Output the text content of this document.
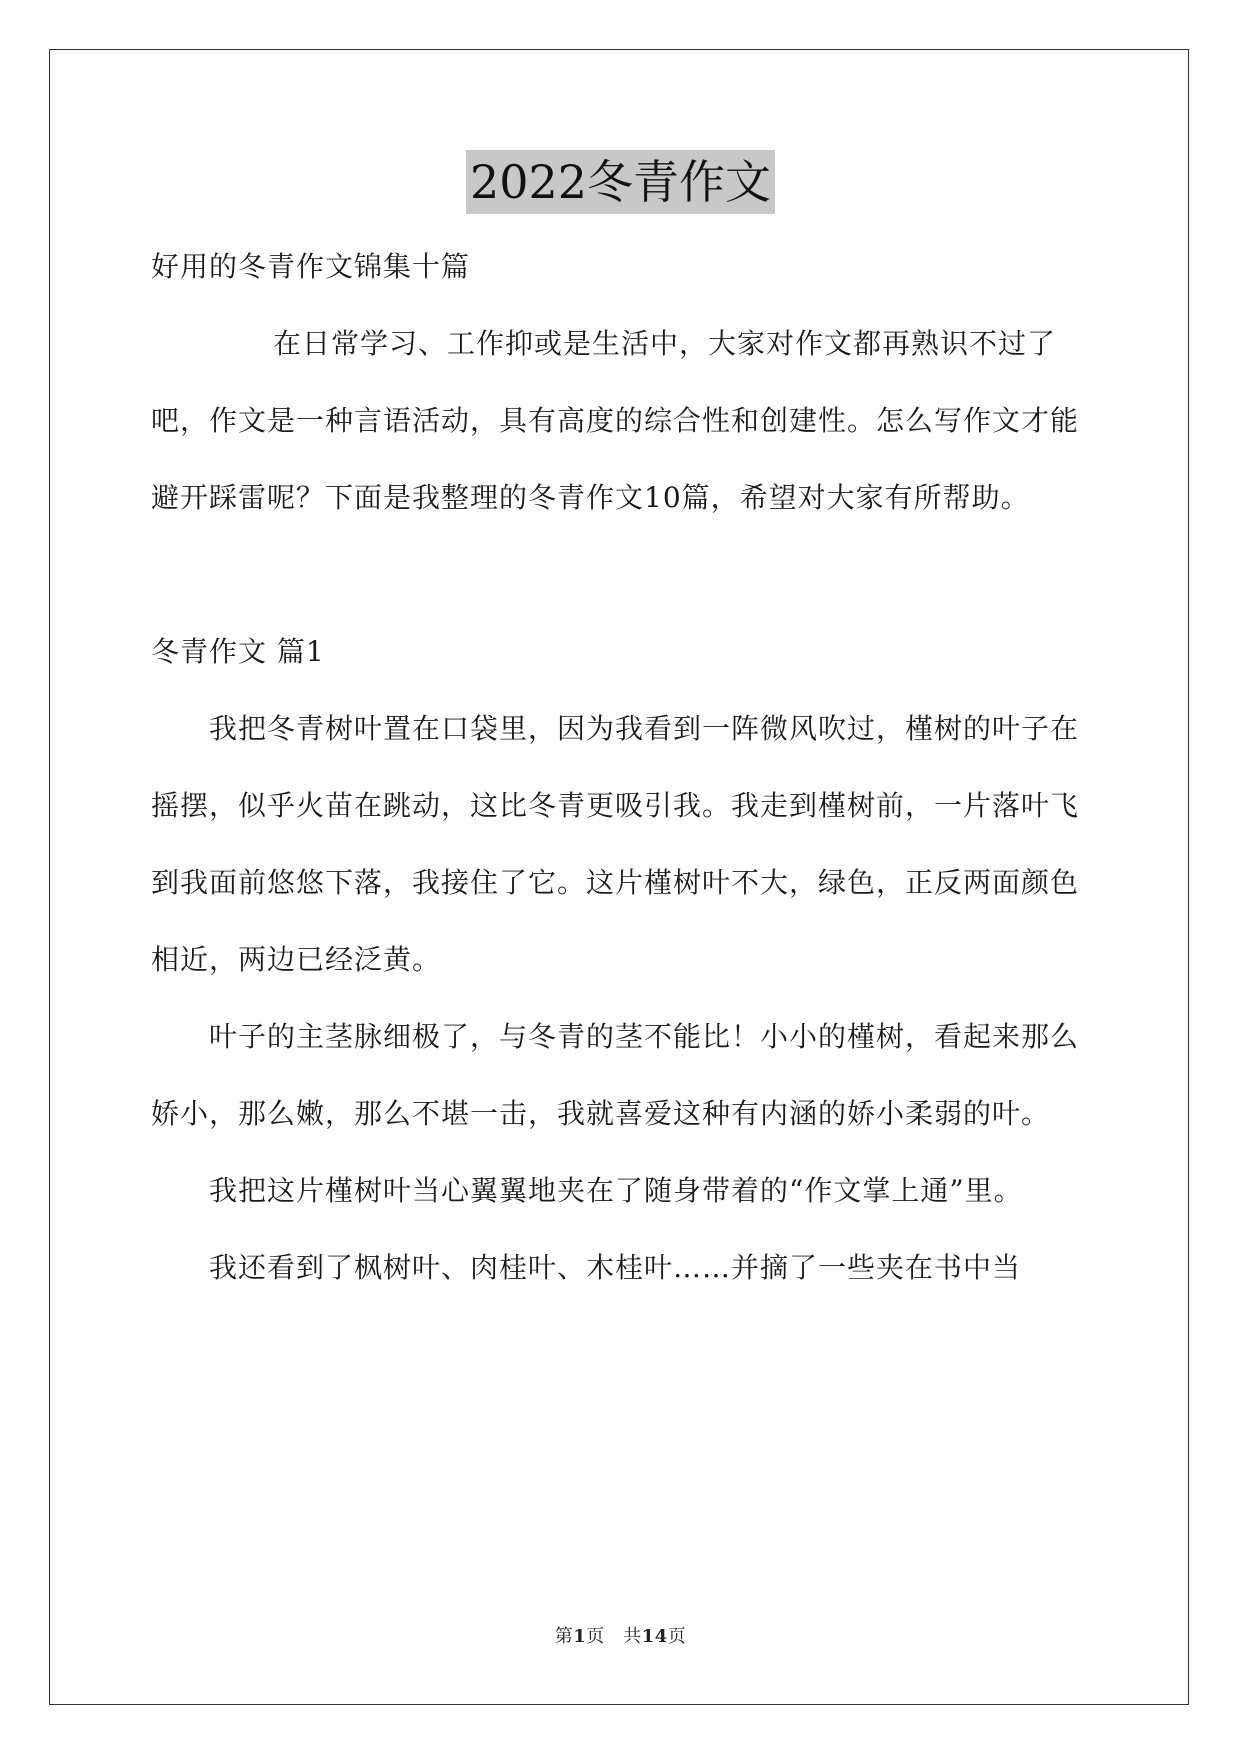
2022冬青作文

好用的冬青作文锦集十篇

在日常学习、工作抑或是生活中，大家对作文都再熟识不过了吧，作文是一种言语活动，具有高度的综合性和创建性。怎么写作文才能避开踩雷呢？下面是我整理的冬青作文10篇，希望对大家有所帮助。

冬青作文 篇1

我把冬青树叶置在口袋里，因为我看到一阵微风吹过，槿树的叶子在摇摆，似乎火苗在跳动，这比冬青更吸引我。我走到槿树前，一片落叶飞到我面前悠悠下落，我接住了它。这片槿树叶不大，绿色，正反两面颜色相近，两边已经泛黄。

叶子的主茎脉细极了，与冬青的茎不能比！小小的槿树，看起来那么娇小，那么嫩，那么不堪一击，我就喜爱这种有内涵的娇小柔弱的叶。

我把这片槿树叶当心翼翼地夹在了随身带着的“作文掌上通”里。

我还看到了枫树叶、肉桂叶、木桂叶……并摘了一些夹在书中当

第1页　共14页
